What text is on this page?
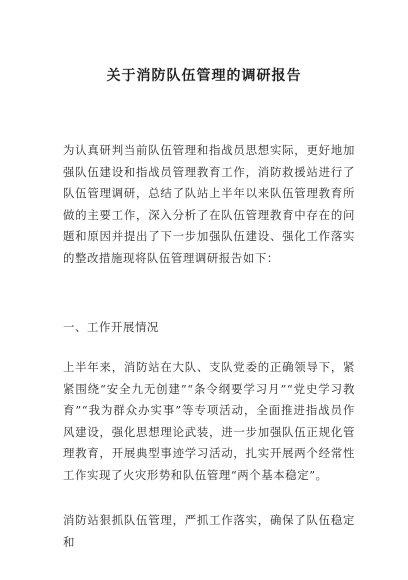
关于消防队伍管理的调研报告

为认真研判当前队伍管理和指战员思想实际，更好地加强队伍建设和指战员管理教育工作，消防救援站进行了队伍管理调研，总结了队站上半年以来队伍管理教育所做的主要工作，深入分析了在队伍管理教育中存在的问题和原因并提出了下一步加强队伍建设、强化工作落实的整改措施现将队伍管理调研报告如下：

一、工作开展情况

上半年来，消防站在大队、支队党委的正确领导下，紧紧围绕“安全九无创建”“条令纲要学习月”“党史学习教育”“我为群众办实事”等专项活动，全面推进指战员作风建设，强化思想理论武装，进一步加强队伍正规化管理教育，开展典型事迹学习活动，扎实开展两个经常性工作实现了火灾形势和队伍管理“两个基本稳定”。

消防站狠抓队伍管理，严抓工作落实，确保了队伍稳定和
